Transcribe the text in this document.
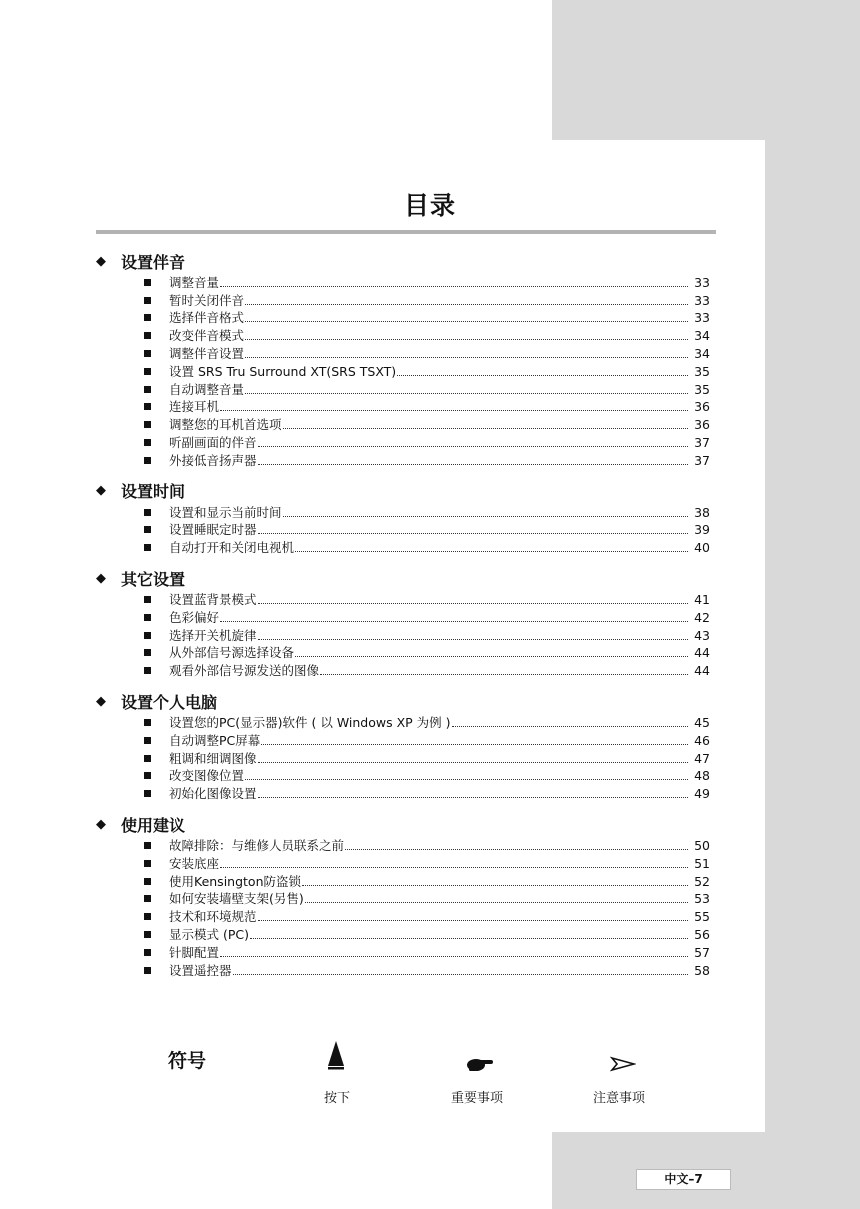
目录
◆ 设置伴音
调整音量	33
暂时关闭伴音	33
选择伴音格式	33
改变伴音模式	34
调整伴音设置	34
设置 SRS Tru Surround XT(SRS TSXT)	35
自动调整音量	35
连接耳机	36
调整您的耳机首选项	36
听副画面的伴音	37
外接低音扬声器	37
◆ 设置时间
设置和显示当前时间	38
设置睡眠定时器	39
自动打开和关闭电视机	40
◆ 其它设置
设置蓝背景模式	41
色彩偏好	42
选择开关机旋律	43
从外部信号源选择设备	44
观看外部信号源发送的图像	44
◆ 设置个人电脑
设置您的PC(显示器)软件 ( 以 Windows XP 为例 )	45
自动调整PC屏幕	46
粗调和细调图像	47
改变图像位置	48
初始化图像设置	49
◆ 使用建议
故障排除：与维修人员联系之前	50
安装底座	51
使用Kensington防盗锁	52
如何安装墙壁支架(另售)	53
技术和环境规范	55
显示模式 (PC)	56
针脚配置	57
设置遥控器	58
符号
按下	重要事项	注意事项
中文–7
